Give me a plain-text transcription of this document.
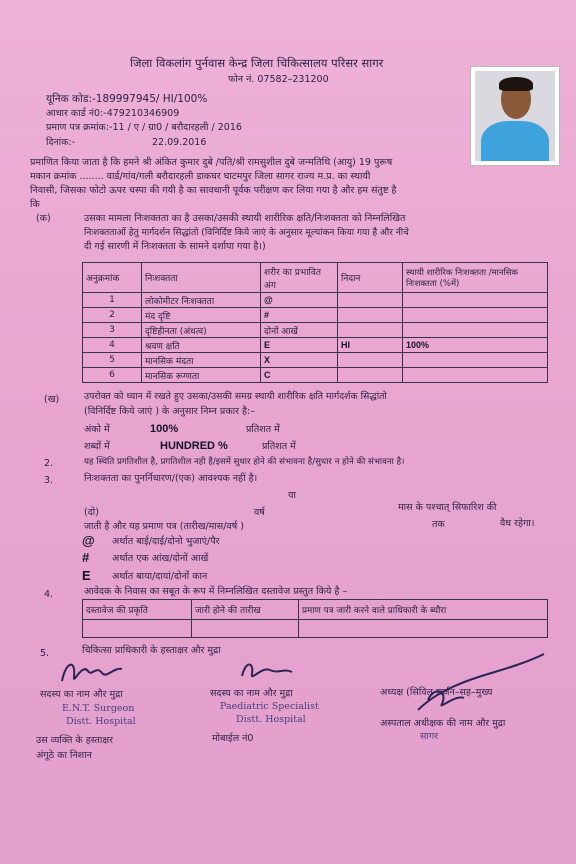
जिला विकलांग पुर्नवास केन्द्र जिला चिकित्सालय परिसर सागर
फोन नं. 07582–231200
यूनिक कोड:-189997945/ HI/100%
आधार कार्ड नं0:-479210346909
प्रमाण पत्र क्रमांक:-11 / ए / ग्रा0 / बरौदारहली / 2016
दिनांक:-	22.09.2016
प्रमाणित किया जाता है कि हमने श्री अंकित कुमार दुबे /पति/श्री रामसुशील दुबे जन्मतिथि (आयु) 19 पुरूष
मकान क्रमांक ........ वार्ड/गांव/गली बरौदारहली डाकघर घाटमपुर जिला सागर राज्य म.प्र. का स्थायी
निवासी, जिसका फोटो ऊपर चस्पा की गयी है का सावधानी पूर्वक परीक्षण कर लिया गया है और हम संतुष्ट है
कि
(क)	उसका मामला निःशक्तता का है उसका/उसकी स्थायी शारीरिक क्षति/निःशक्तता को निम्नलिखित
निःशक्तताओं हेतु मार्गदर्शन सिद्धांतो (विनिर्दिष्ट किये जाएं के अनुसार मूल्यांकन किया गया है और नीचे
दी गई सारणी में निःशक्तता के सामने दर्शाया गया है।)
अनुक्रमांक	निःशक्तता	शरीर का प्रभावित अंग	निदान	स्थायी शारीरिक निःशक्तता /मानसिक निःशक्तता (%में)
1	लोकोमीटर निःशक्तता	@		
2	मंद दृष्टि	#		
3	दृष्टिहीनता (अंधत्व)	दोनों आखें		
4	श्रवण क्षति	E	HI	100%
5	मानसिक मंदता	X		
6	मानसिक रूग्णता	C		
(ख)	उपरोक्त को ध्यान में रखते हुए उसका/उसकी समग्र स्थायी शारीरिक क्षति मार्गदर्शक सिद्धांतो
(विनिर्दिष्ट किये जाएं ) के अनुसार निम्न प्रकार है:–
अंको में	100%	प्रतिशत में
शब्दों में	HUNDRED %	प्रतिशत में
2.	यह स्थिति प्रगतिशील है, प्रगतिशील नही है/इसमें सुधार होने की संभावना है/सुधार न होने की संभावना है।
3.	निःशक्तता का पुनर्निधारण/(एक) आवश्यक नहीं है।
या
(दो)	वर्ष	मास के पश्चात् सिफारिश की
जाती है और यह प्रमाण पत्र (तारीख/मास/वर्ष )	तक	वैध रहेगा।
@ अर्थात बाई/दाई/दोनो भुजाएं/पैर
# अर्थात एक आंख/दोनों आखें
E अर्थात बाया/दायां/दोनों कान
4.	आवेदक के निवास का सबूत के रूप में निम्नलिखित दस्तावेज प्रस्तुत किये है –
दस्तावेज की प्रकृति	जारी होने की तारीख	प्रमाण पत्र जारी करने वाले प्राधिकारी के ब्यौरा

5.	चिकित्सा प्राधिकारी के हस्ताक्षर और मुद्रा
सदस्य का नाम और मुद्रा
E.N.T. Surgeon
Distt. Hospital
सदस्य का नाम और मुद्रा
Paediatric Specialist
Distt. Hospital
मोबाईल नं0
अध्यक्ष (सिविल सर्जन–सह–मुख्य
अस्पताल अधीक्षक की नाम और मुद्रा
सागर
उस व्यक्ति के हस्ताक्षर
अंगूठे का निशान
